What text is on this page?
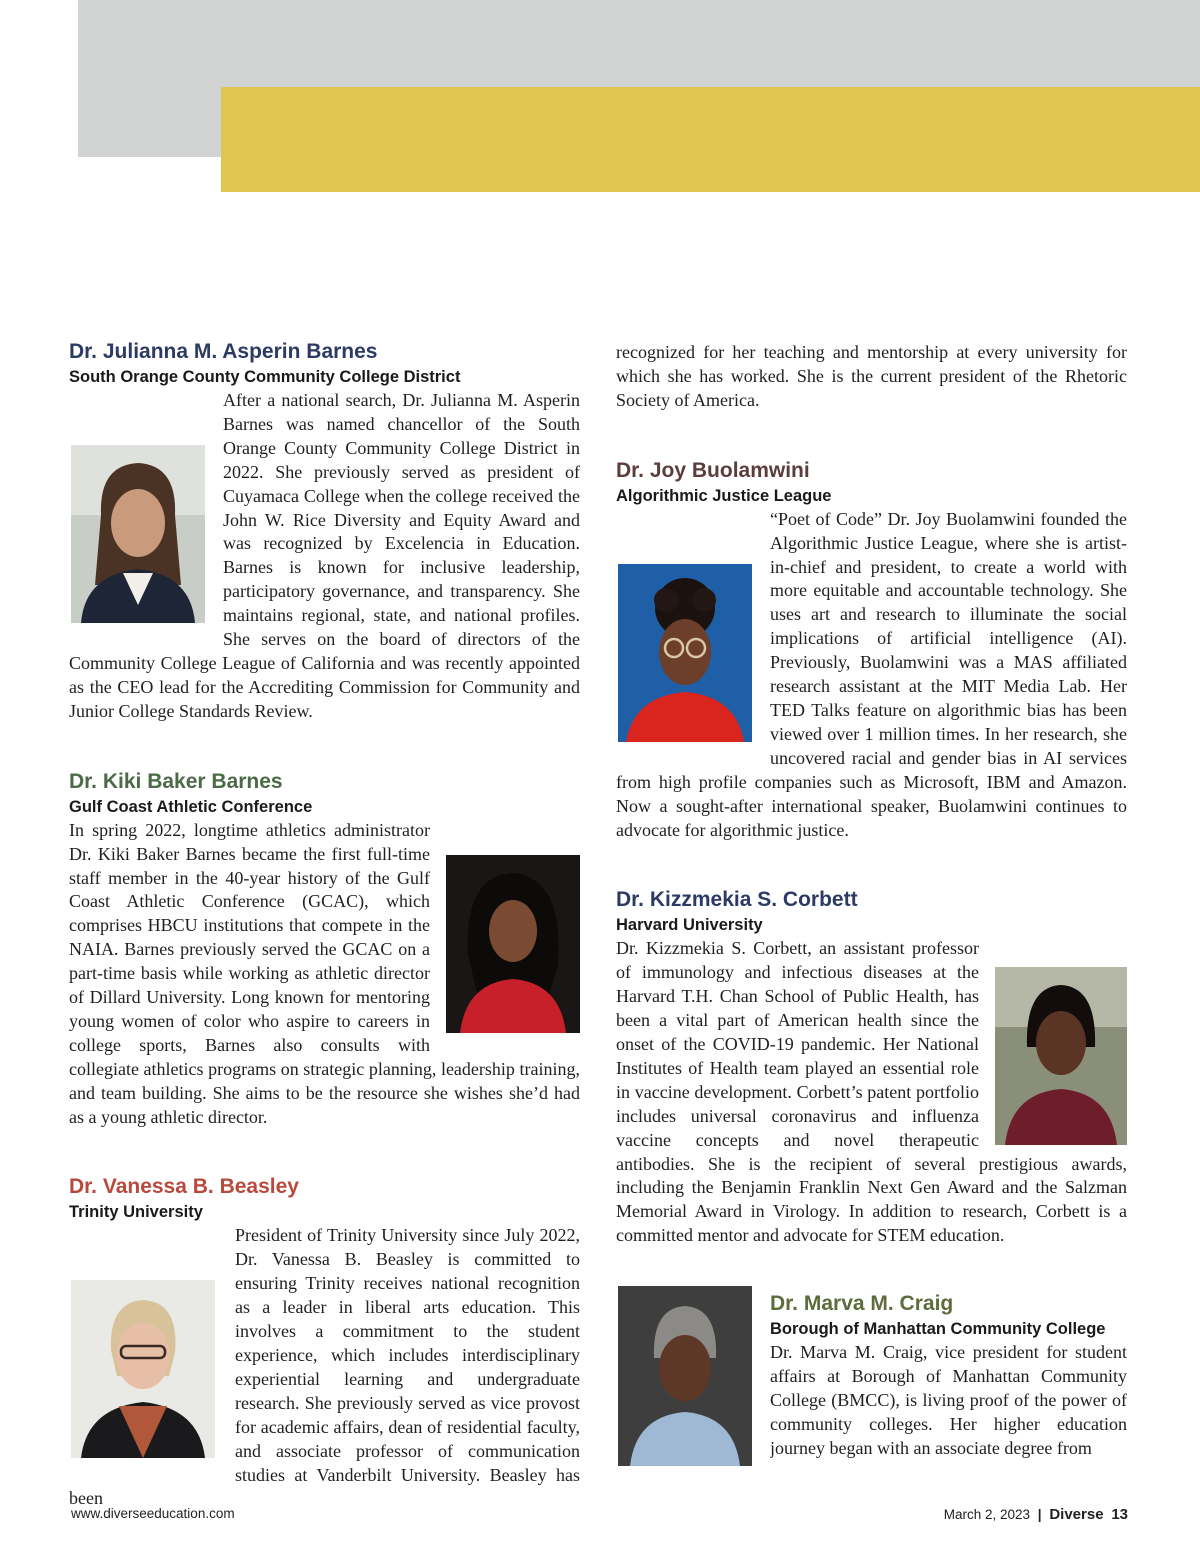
Dr. Julianna M. Asperin Barnes

South Orange County Community College District

After a national search, Dr. Julianna M. Asperin Barnes was named chancellor of the South Orange County Community College District in 2022. She previously served as president of Cuyamaca College when the college received the John W. Rice Diversity and Equity Award and was recognized by Excelencia in Education. Barnes is known for inclusive leadership, participatory governance, and transparency. She maintains regional, state, and national profiles. She serves on the board of directors of the Community College League of California and was recently appointed as the CEO lead for the Accrediting Commission for Community and Junior College Standards Review.
Dr. Kiki Baker Barnes

Gulf Coast Athletic Conference

In spring 2022, longtime athletics administrator Dr. Kiki Baker Barnes became the first full-time staff member in the 40-year history of the Gulf Coast Athletic Conference (GCAC), which comprises HBCU institutions that compete in the NAIA. Barnes previously served the GCAC on a part-time basis while working as athletic director of Dillard University. Long known for mentoring young women of color who aspire to careers in college sports, Barnes also consults with collegiate athletics programs on strategic planning, leadership training, and team building. She aims to be the resource she wishes she’d had as a young athletic director.
Dr. Vanessa B. Beasley

Trinity University

President of Trinity University since July 2022, Dr. Vanessa B. Beasley is committed to ensuring Trinity receives national recognition as a leader in liberal arts education. This involves a commitment to the student experience, which includes interdisciplinary experiential learning and undergraduate research. She previously served as vice provost for academic affairs, dean of residential faculty, and associate professor of communication studies at Vanderbilt University. Beasley has been
recognized for her teaching and mentorship at every university for which she has worked. She is the current president of the Rhetoric Society of America.
Dr. Joy Buolamwini

Algorithmic Justice League

“Poet of Code” Dr. Joy Buolamwini founded the Algorithmic Justice League, where she is artist-in-chief and president, to create a world with more equitable and accountable technology. She uses art and research to illuminate the social implications of artificial intelligence (AI). Previously, Buolamwini was a MAS affiliated research assistant at the MIT Media Lab. Her TED Talks feature on algorithmic bias has been viewed over 1 million times. In her research, she uncovered racial and gender bias in AI services from high profile companies such as Microsoft, IBM and Amazon. Now a sought-after international speaker, Buolamwini continues to advocate for algorithmic justice.
Dr. Kizzmekia S. Corbett

Harvard University

Dr. Kizzmekia S. Corbett, an assistant professor of immunology and infectious diseases at the Harvard T.H. Chan School of Public Health, has been a vital part of American health since the onset of the COVID-19 pandemic. Her National Institutes of Health team played an essential role in vaccine development. Corbett’s patent portfolio includes universal coronavirus and influenza vaccine concepts and novel therapeutic antibodies. She is the recipient of several prestigious awards, including the Benjamin Franklin Next Gen Award and the Salzman Memorial Award in Virology. In addition to research, Corbett is a committed mentor and advocate for STEM education.
Dr. Marva M. Craig

Borough of Manhattan Community College

Dr. Marva M. Craig, vice president for student affairs at Borough of Manhattan Community College (BMCC), is living proof of the power of community colleges. Her higher education journey began with an associate degree from

www.diverseeducation.com	March 2, 2023 | Diverse 13
